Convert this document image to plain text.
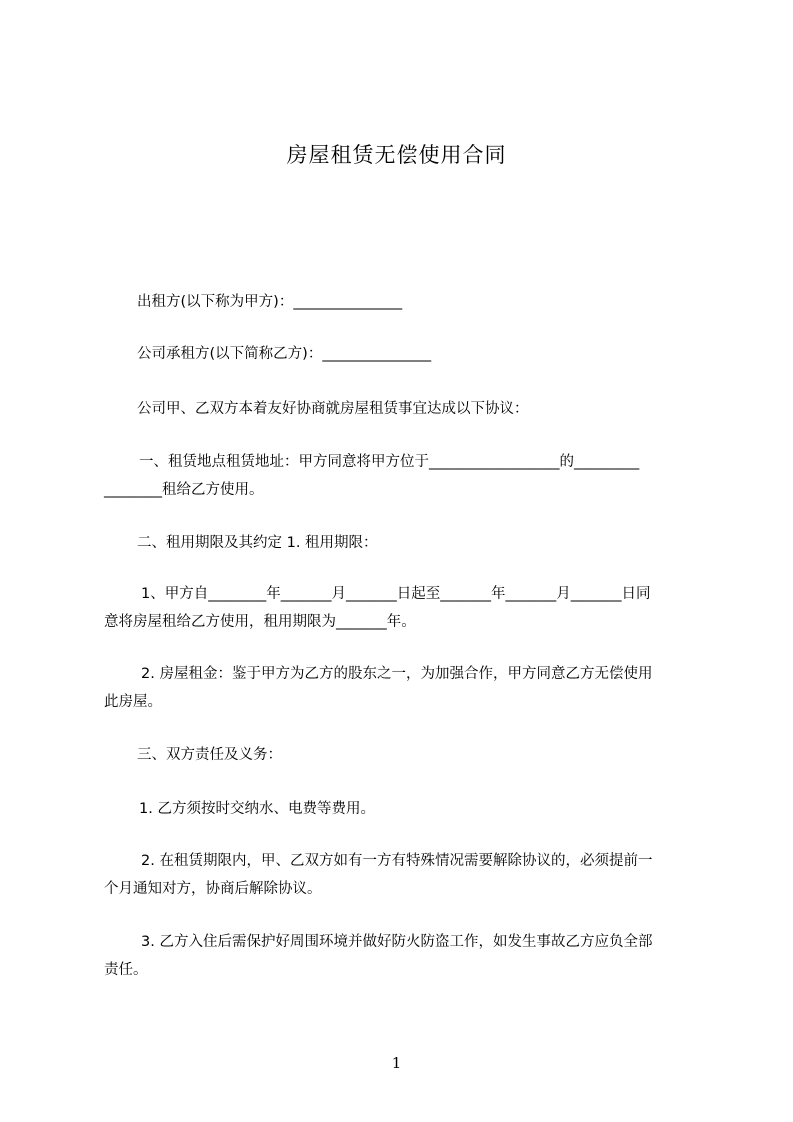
房屋租赁无偿使用合同
出租方(以下称为甲方)：_______________
公司承租方(以下简称乙方)：_______________
公司甲、乙双方本着友好协商就房屋租赁事宜达成以下协议：
一、租赁地点租赁地址：甲方同意将甲方位于__________________的_________
________租给乙方使用。
二、租用期限及其约定 1. 租用期限：
1、甲方自________年_______月_______日起至_______年_______月_______日同
意将房屋租给乙方使用，租用期限为_______年。
2. 房屋租金：鉴于甲方为乙方的股东之一，为加强合作，甲方同意乙方无偿使用
此房屋。
三、双方责任及义务：
1. 乙方须按时交纳水、电费等费用。
2. 在租赁期限内，甲、乙双方如有一方有特殊情况需要解除协议的，必须提前一
个月通知对方，协商后解除协议。
3. 乙方入住后需保护好周围环境并做好防火防盗工作，如发生事故乙方应负全部
责任。
1
